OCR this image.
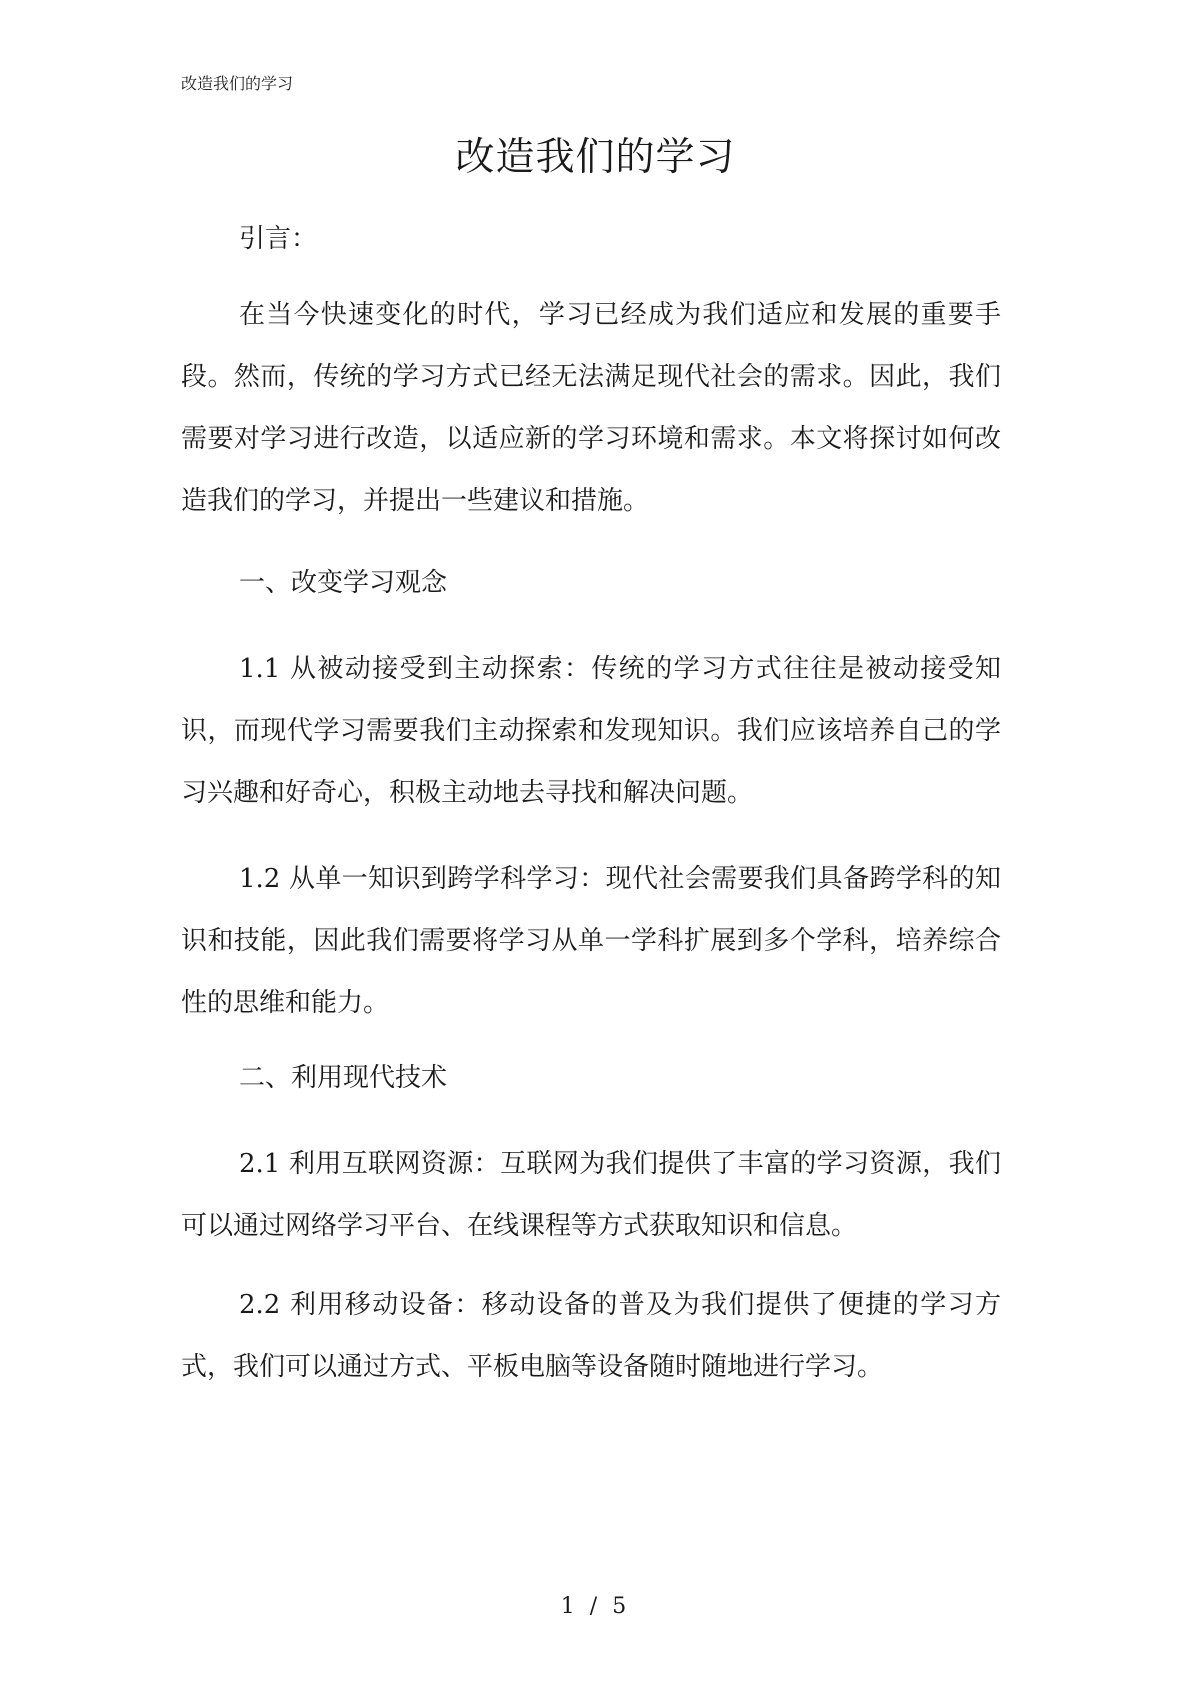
改造我们的学习
改造我们的学习

引言：

在当今快速变化的时代，学习已经成为我们适应和发展的重要手段。然而，传统的学习方式已经无法满足现代社会的需求。因此，我们需要对学习进行改造，以适应新的学习环境和需求。本文将探讨如何改造我们的学习，并提出一些建议和措施。

一、改变学习观念

1.1 从被动接受到主动探索：传统的学习方式往往是被动接受知识，而现代学习需要我们主动探索和发现知识。我们应该培养自己的学习兴趣和好奇心，积极主动地去寻找和解决问题。

1.2 从单一知识到跨学科学习：现代社会需要我们具备跨学科的知识和技能，因此我们需要将学习从单一学科扩展到多个学科，培养综合性的思维和能力。

二、利用现代技术

2.1 利用互联网资源：互联网为我们提供了丰富的学习资源，我们可以通过网络学习平台、在线课程等方式获取知识和信息。

2.2 利用移动设备：移动设备的普及为我们提供了便捷的学习方式，我们可以通过方式、平板电脑等设备随时随地进行学习。

1 / 5
